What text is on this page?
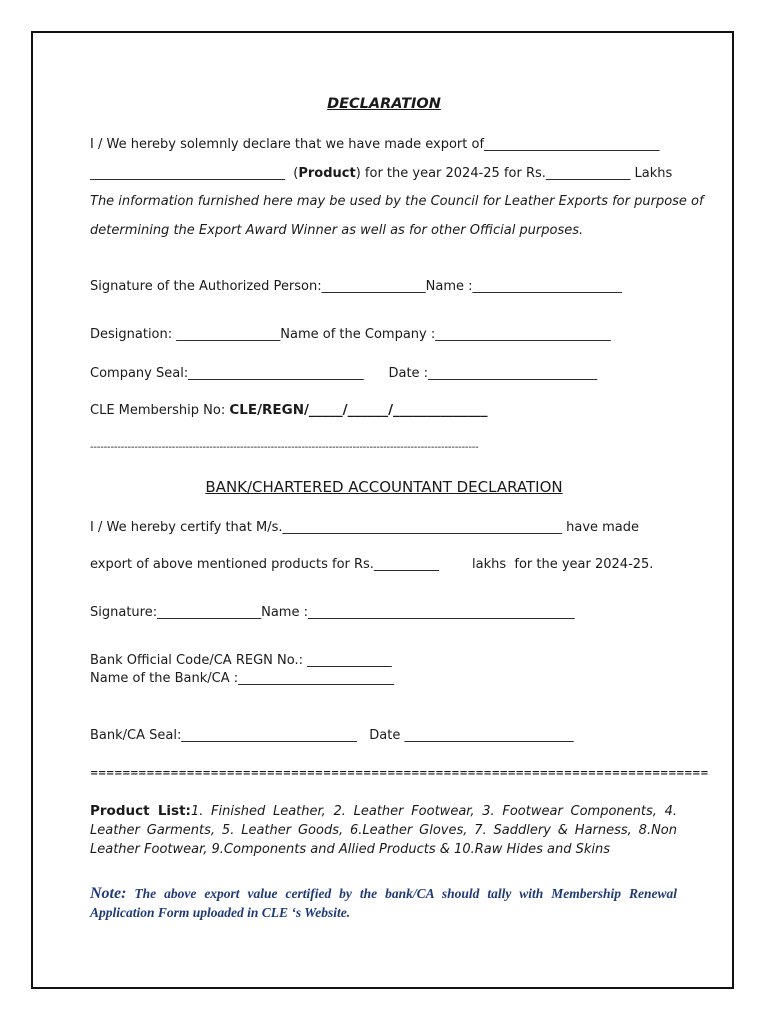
DECLARATION
I / We hereby solemnly declare that we have made export of___________________________
______________________________  (Product) for the year 2024-25 for Rs._____________ Lakhs
The information furnished here may be used by the Council for Leather Exports for purpose of
determining the Export Award Winner as well as for other Official purposes.
Signature of the Authorized Person:________________Name :_______________________
Designation: ________________Name of the Company :___________________________
Company Seal:___________________________      Date :__________________________
CLE Membership No: CLE/REGN/_____/______/______________
------------------------------------------------------------------------------------------------------------------
BANK/CHARTERED ACCOUNTANT DECLARATION
I / We hereby certify that M/s.___________________________________________ have made
export of above mentioned products for Rs.__________        lakhs  for the year 2024-25.
Signature:________________Name :_________________________________________
Bank Official Code/CA REGN No.: _____________
Name of the Bank/CA :________________________
Bank/CA Seal:___________________________   Date __________________________
=============================================================================
Product List:1. Finished Leather, 2. Leather Footwear, 3. Footwear Components, 4. Leather Garments, 5. Leather Goods, 6.Leather Gloves, 7. Saddlery & Harness, 8.Non Leather Footwear, 9.Components and Allied Products & 10.Raw Hides and Skins
Note: The above export value certified by the bank/CA should tally with Membership Renewal Application Form uploaded in CLE ‘s Website.
